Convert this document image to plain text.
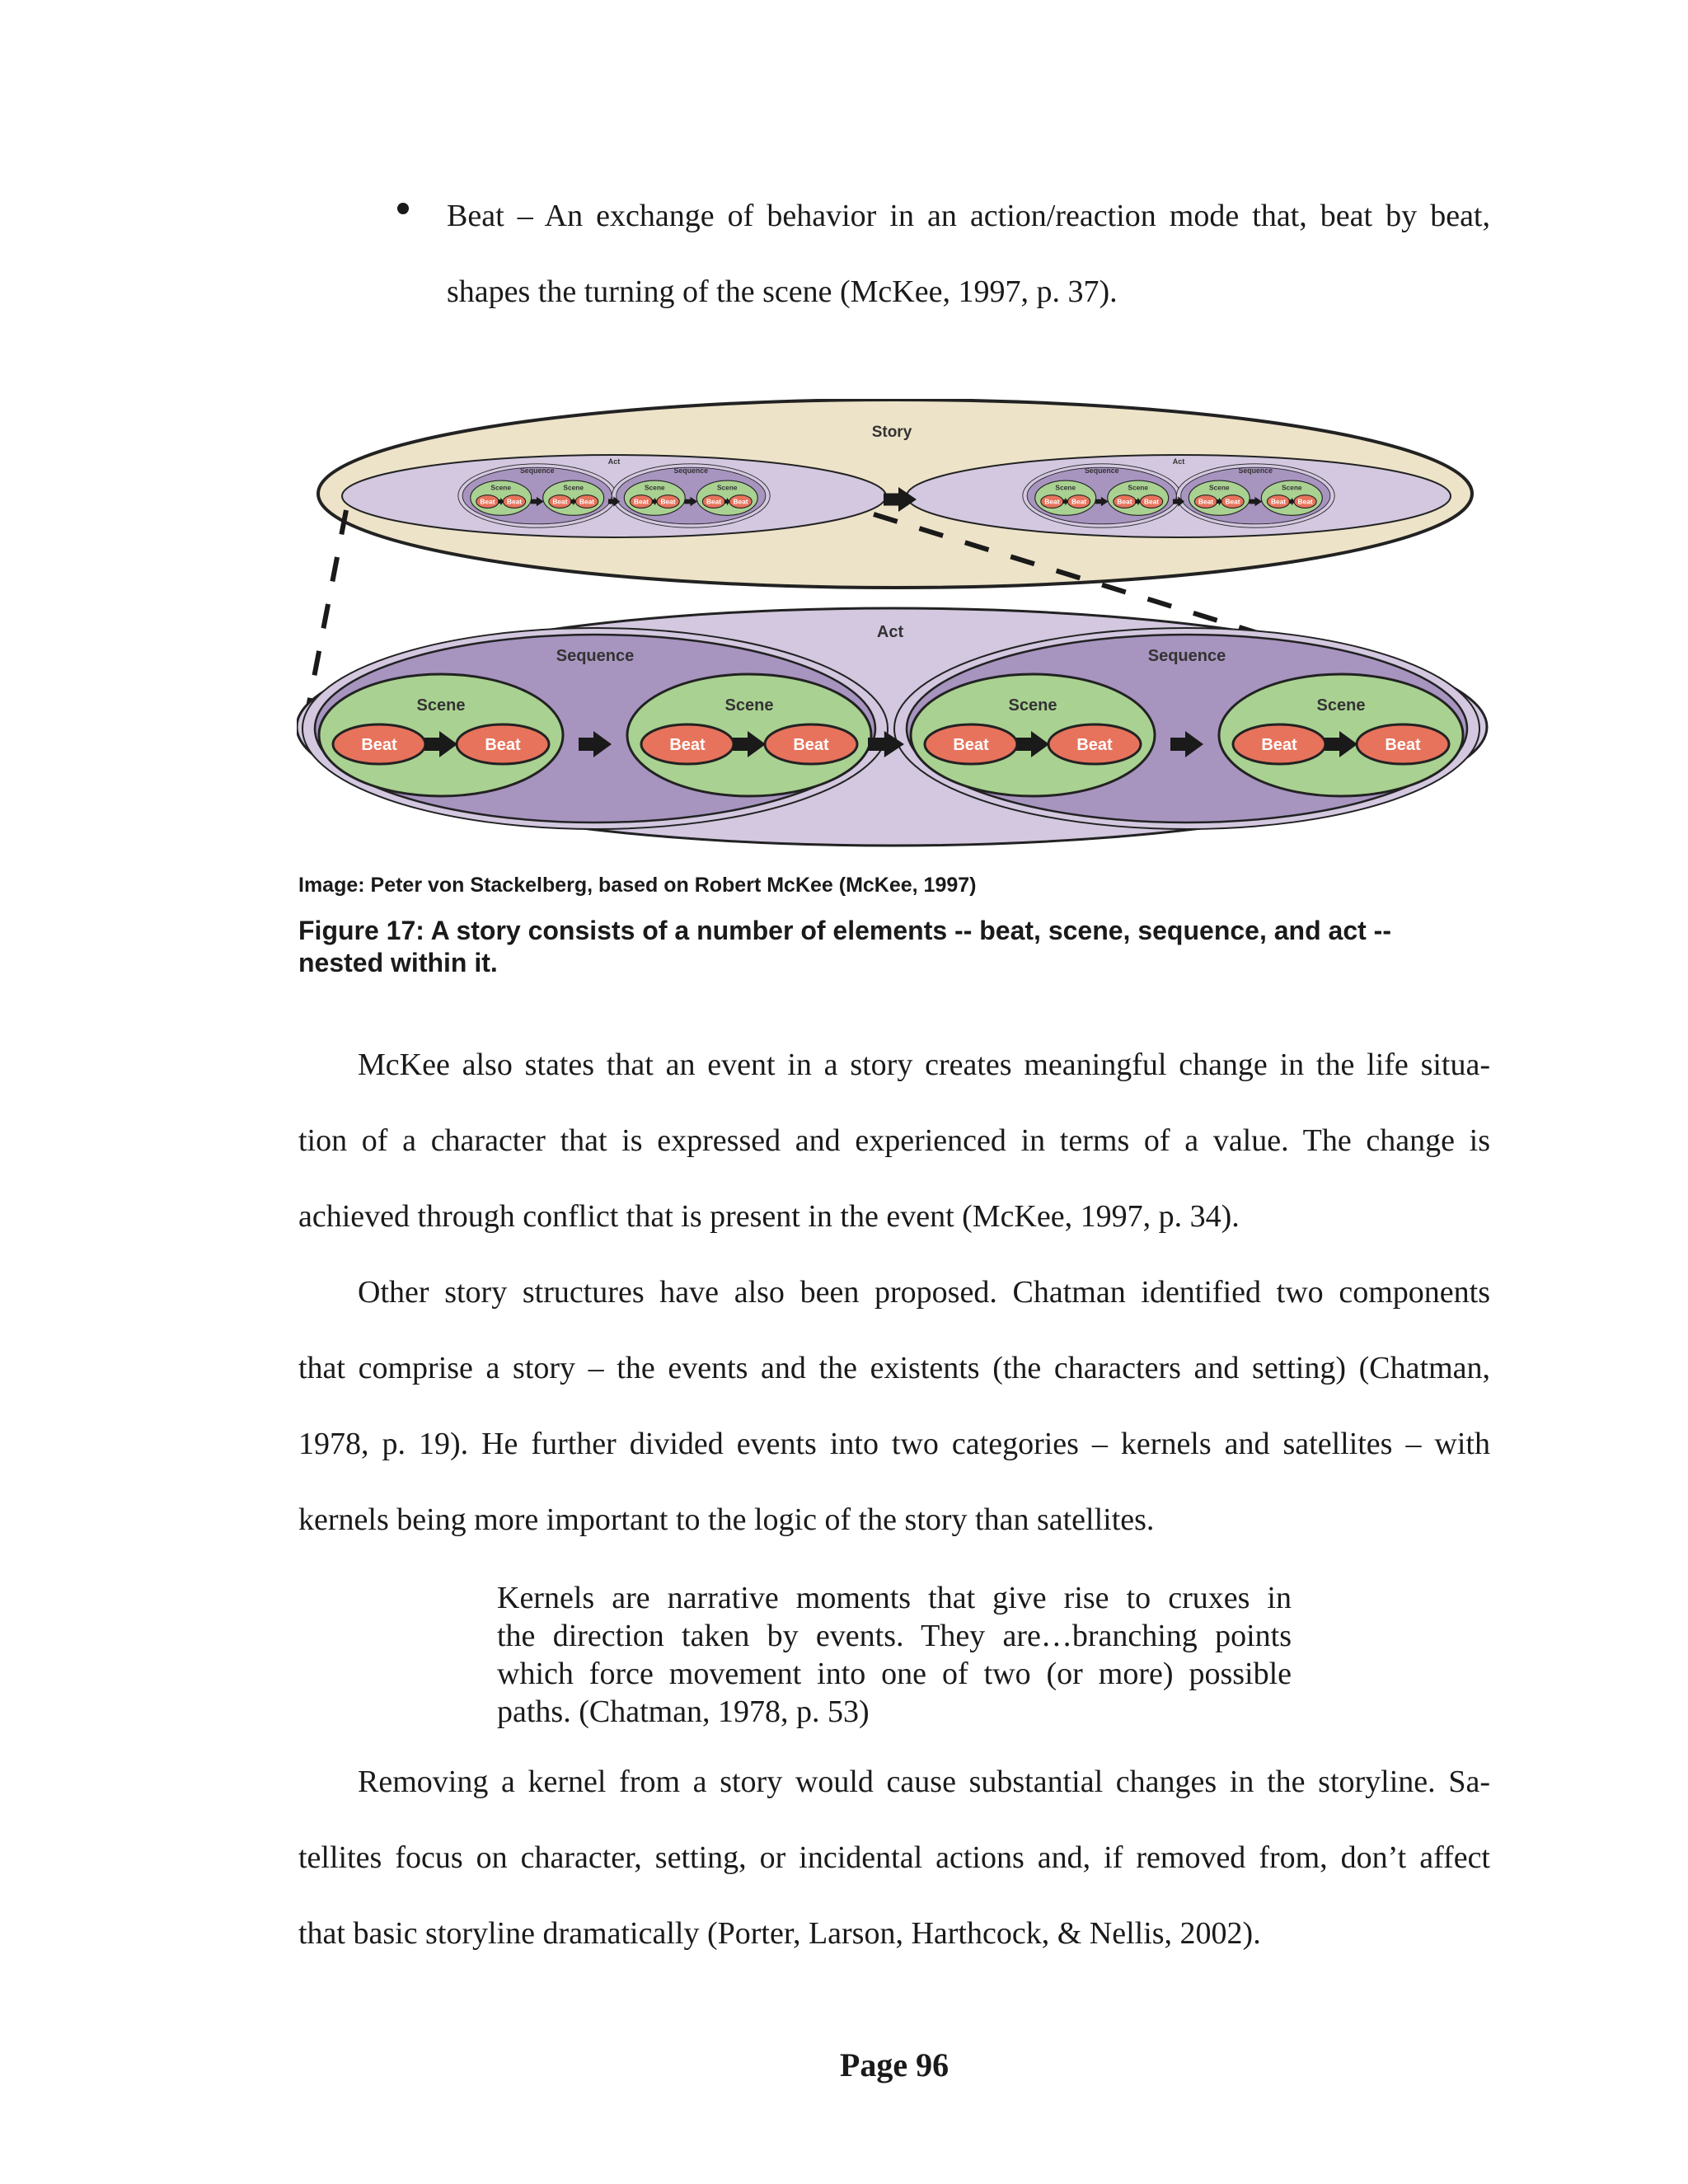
Beat – An exchange of behavior in an action/reaction mode that, beat by beat,
shapes the turning of the scene (McKee, 1997, p. 37).
Story
Act
Sequence
Scene
Beat Beat
Scene
Beat Beat
Sequence
Scene
Beat Beat
Scene
Beat Beat
Act
Sequence
Scene
Beat Beat
Scene
Beat Beat
Sequence
Scene
Beat Beat
Scene
Beat Beat
Act
Sequence
Scene
Beat	Beat
Scene
Beat	Beat
Sequence
Scene
Beat	Beat
Scene
Beat	Beat
Image: Peter von Stackelberg, based on Robert McKee (McKee, 1997)
Figure 17: A story consists of a number of elements -- beat, scene, sequence, and act --
nested within it.
McKee also states that an event in a story creates meaningful change in the life situa-
tion of a character that is expressed and experienced in terms of a value. The change is
achieved through conflict that is present in the event (McKee, 1997, p. 34).
Other story structures have also been proposed. Chatman identified two components
that comprise a story – the events and the existents (the characters and setting) (Chatman,
1978, p. 19). He further divided events into two categories – kernels and satellites – with
kernels being more important to the logic of the story than satellites.
Kernels are narrative moments that give rise to cruxes in
the direction taken by events. They are…branching points
which force movement into one of two (or more) possible
paths. (Chatman, 1978, p. 53)
Removing a kernel from a story would cause substantial changes in the storyline. Sa-
tellites focus on character, setting, or incidental actions and, if removed from, don’t affect
that basic storyline dramatically (Porter, Larson, Harthcock, & Nellis, 2002).
Page 96
